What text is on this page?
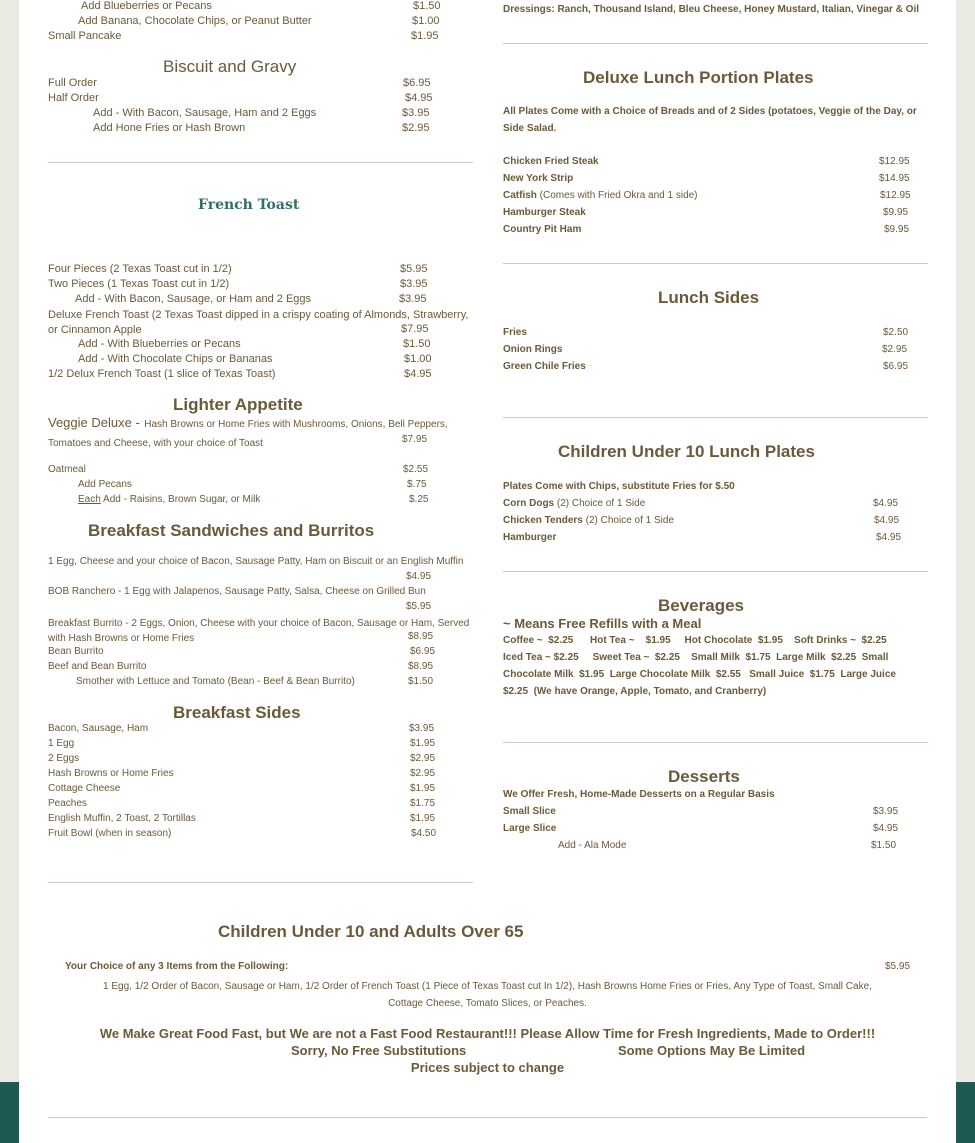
Add Blueberries or Pecans	$1.50
Add Banana, Chocolate Chips, or Peanut Butter	$1.00
Small Pancake	$1.95
Biscuit and Gravy
Full Order	$6.95
Half Order	$4.95
Add - With Bacon, Sausage, Ham and 2 Eggs	$3.95
Add Hone Fries or Hash Brown	$2.95
French Toast
Four Pieces (2 Texas Toast cut in 1/2)	$5.95
Two Pieces (1 Texas Toast cut in 1/2)	$3.95
Add - With Bacon, Sausage, or Ham and 2 Eggs	$3.95
Deluxe French Toast (2 Texas Toast dipped in a crispy coating of Almonds, Strawberry, or Cinnamon Apple	$7.95
Add - With Blueberries or Pecans	$1.50
Add - With Chocolate Chips or Bananas	$1.00
1/2 Delux French Toast (1 slice of Texas Toast)	$4.95
Lighter Appetite
Veggie Deluxe - Hash Browns or Home Fries with Mushrooms, Onions, Bell Peppers, Tomatoes and Cheese, with your choice of Toast	$7.95
Oatmeal	$2.55
Add Pecans	$.75
Each Add - Raisins, Brown Sugar, or Milk	$.25
Breakfast Sandwiches and Burritos
1 Egg, Cheese and your choice of Bacon, Sausage Patty, Ham on Biscuit or an English Muffin
$4.95
BOB Ranchero - 1 Egg with Jalapenos, Sausage Patty, Salsa, Cheese on Grilled Bun
$5.95
Breakfast Burrito - 2 Eggs, Onion, Cheese with your choice of Bacon, Sausage or Ham, Served with Hash Browns or Home Fries	$8.95
Bean Burrito	$6.95
Beef and Bean Burrito	$8.95
Smother with Lettuce and Tomato (Bean - Beef & Bean Burrito)	$1.50
Breakfast Sides
Bacon, Sausage, Ham	$3.95
1 Egg	$1.95
2 Eggs	$2.95
Hash Browns or Home Fries	$2.95
Cottage Cheese	$1.95
Peaches	$1.75
English Muffin, 2 Toast, 2 Tortillas	$1.95
Fruit Bowl (when in season)	$4.50
Dressings: Ranch, Thousand Island, Bleu Cheese, Honey Mustard, Italian, Vinegar & Oil
Deluxe Lunch Portion Plates
All Plates Come with a Choice of Breads and of 2 Sides (potatoes, Veggie of the Day, or Side Salad.
Chicken Fried Steak	$12.95
New York Strip	$14.95
Catfish (Comes with Fried Okra and 1 side)	$12.95
Hamburger Steak	$9.95
Country Pit Ham	$9.95
Lunch Sides
Fries	$2.50
Onion Rings	$2.95
Green Chile Fries	$6.95
Children Under 10 Lunch Plates
Plates Come with Chips, substitute Fries for $.50
Corn Dogs (2) Choice of 1 Side	$4.95
Chicken Tenders (2) Choice of 1 Side	$4.95
Hamburger	$4.95
Beverages
~ Means Free Refills with a Meal
Coffee ~  $2.25      Hot Tea ~    $1.95     Hot Chocolate  $1.95    Soft Drinks ~  $2.25
Iced Tea ~ $2.25     Sweet Tea ~  $2.25    Small Milk  $1.75  Large Milk  $2.25  Small
Chocolate Milk  $1.95  Large Chocolate Milk  $2.55   Small Juice  $1.75  Large Juice
$2.25  (We have Orange, Apple, Tomato, and Cranberry)
Desserts
We Offer Fresh, Home-Made Desserts on a Regular Basis
Small Slice	$3.95
Large Slice	$4.95
Add - Ala Mode	$1.50
Children Under 10 and Adults Over 65
Your Choice of any 3 Items from the Following:	$5.95
1 Egg, 1/2 Order of Bacon, Sausage or Ham, 1/2 Order of French Toast (1 Piece of Texas Toast cut In 1/2), Hash Browns Home Fries or Fries, Any Type of Toast, Small Cake, Cottage Cheese, Tomato Slices, or Peaches.
We Make Great Food Fast, but We are not a Fast Food Restaurant!!! Please Allow Time for Fresh Ingredients, Made to Order!!!
Sorry, No Free Substitutions	Some Options May Be Limited
Prices subject to change
